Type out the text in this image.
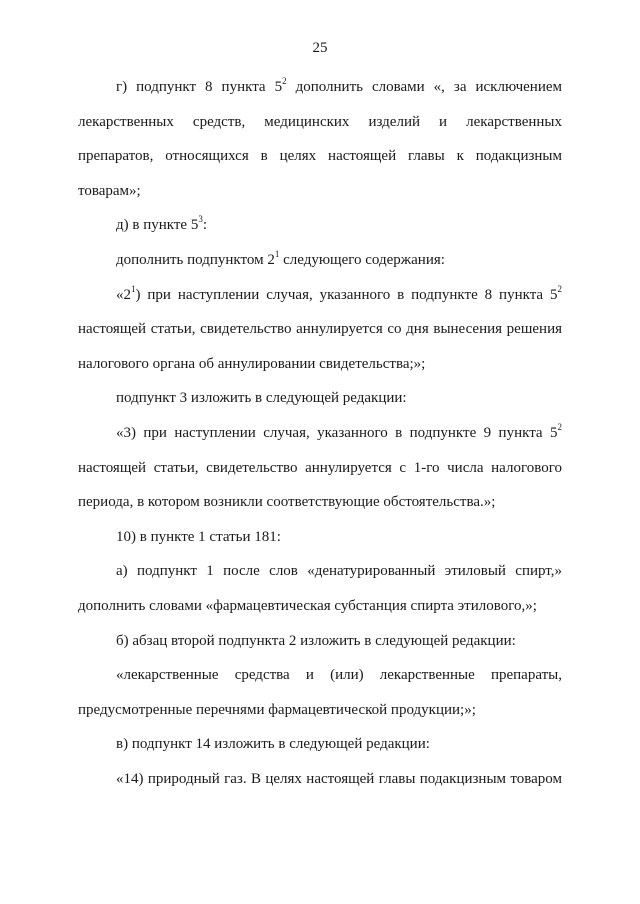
25

г) подпункт 8 пункта $5^2$ дополнить словами «, за исключением лекарственных средств, медицинских изделий и лекарственных препаратов, относящихся в целях настоящей главы к подакцизным товарам»;

д) в пункте $5^3$:

дополнить подпунктом $2^1$ следующего содержания:

«$2^1$) при наступлении случая, указанного в подпункте 8 пункта $5^2$ настоящей статьи, свидетельство аннулируется со дня вынесения решения налогового органа об аннулировании свидетельства;»;

подпункт 3 изложить в следующей редакции:

«3) при наступлении случая, указанного в подпункте 9 пункта $5^2$ настоящей статьи, свидетельство аннулируется с 1-го числа налогового периода, в котором возникли соответствующие обстоятельства.»;

10) в пункте 1 статьи 181:

а) подпункт 1 после слов «денатурированный этиловый спирт,» дополнить словами «фармацевтическая субстанция спирта этилового,»;

б) абзац второй подпункта 2 изложить в следующей редакции:

«лекарственные средства и (или) лекарственные препараты, предусмотренные перечнями фармацевтической продукции;»;

в) подпункт 14 изложить в следующей редакции:

«14) природный газ. В целях настоящей главы подакцизным товаром
